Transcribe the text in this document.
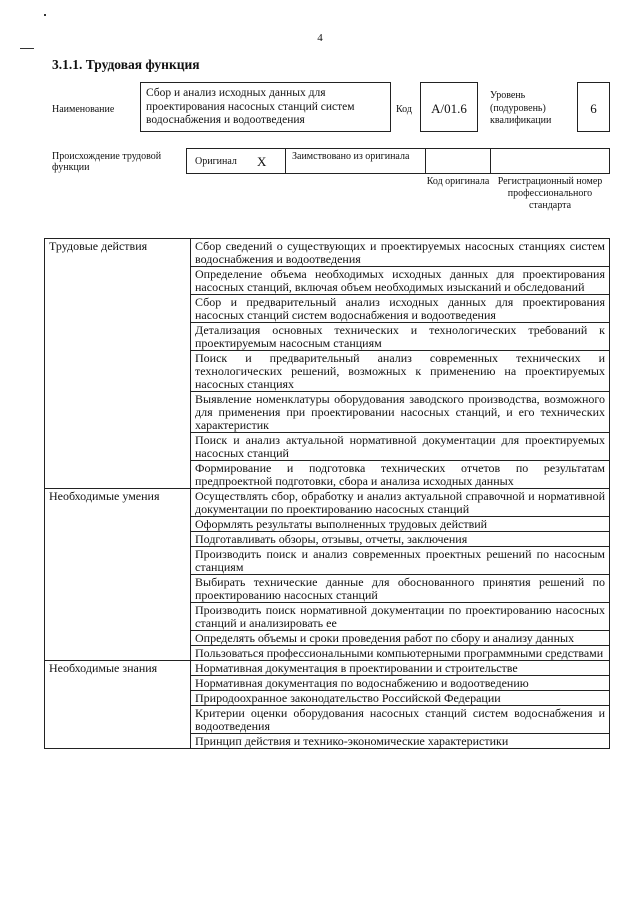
4
3.1.1. Трудовая функция
Наименование
Сбор и анализ исходных данных для проектирования насосных станций систем водоснабжения и водоотведения
Код	A/01.6
Уровень (подуровень) квалификации
6
Происхождение трудовой функции
Оригинал X	Заимствовано из оригинала
Код оригинала Регистрационный номер профессионального стандарта
Трудовые действия	Сбор сведений о существующих и проектируемых насосных станциях систем водоснабжения и водоотведения
	Определение объема необходимых исходных данных для проектирования насосных станций, включая объем необходимых изысканий и обследований
	Сбор и предварительный анализ исходных данных для проектирования насосных станций систем водоснабжения и водоотведения
	Детализация основных технических и технологических требований к проектируемым насосным станциям
	Поиск и предварительный анализ современных технических и технологических решений, возможных к применению на проектируемых насосных станциях
	Выявление номенклатуры оборудования заводского производства, возможного для применения при проектировании насосных станций, и его технических характеристик
	Поиск и анализ актуальной нормативной документации для проектируемых насосных станций
	Формирование и подготовка технических отчетов по результатам предпроектной подготовки, сбора и анализа исходных данных
Необходимые умения	Осуществлять сбор, обработку и анализ актуальной справочной и нормативной документации по проектированию насосных станций
	Оформлять результаты выполненных трудовых действий
	Подготавливать обзоры, отзывы, отчеты, заключения
	Производить поиск и анализ современных проектных решений по насосным станциям
	Выбирать технические данные для обоснованного принятия решений по проектированию насосных станций
	Производить поиск нормативной документации по проектированию насосных станций и анализировать ее
	Определять объемы и сроки проведения работ по сбору и анализу данных
	Пользоваться профессиональными компьютерными программными средствами
Необходимые знания	Нормативная документация в проектировании и строительстве
	Нормативная документация по водоснабжению и водоотведению
	Природоохранное законодательство Российской Федерации
	Критерии оценки оборудования насосных станций систем водоснабжения и водоотведения
	Принцип действия и технико-экономические характеристики
